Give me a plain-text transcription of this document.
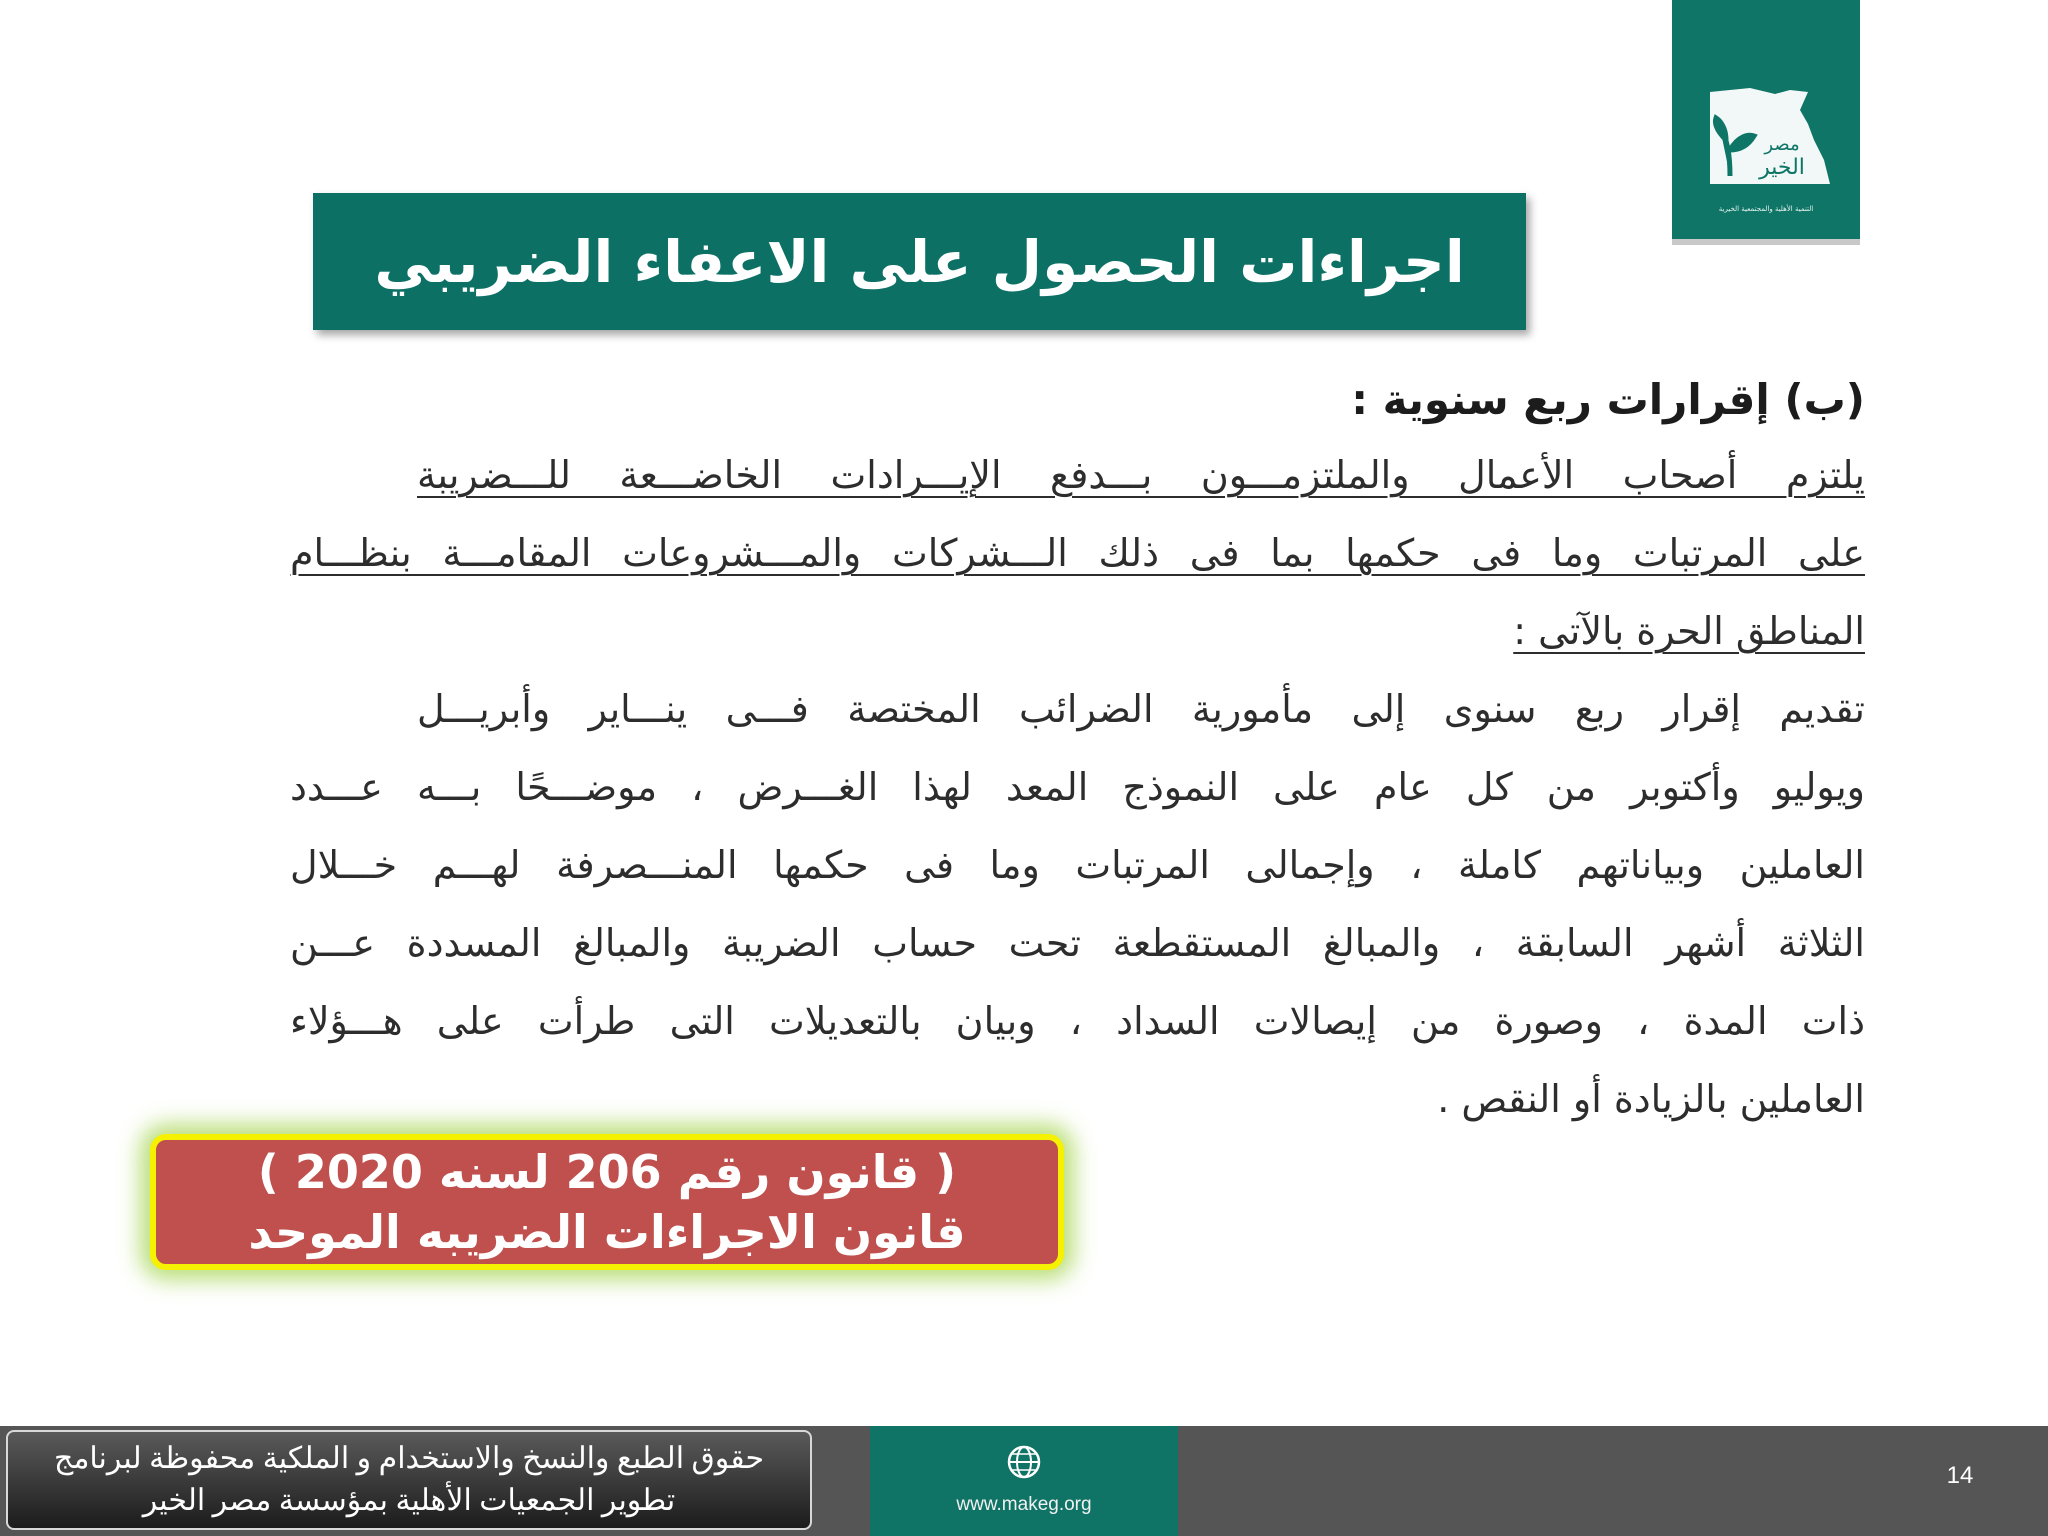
مصر
الخير
التنمية الأهلية والمجتمعية الخيرية
اجراءات الحصول على الاعفاء الضريبي
(ب) إقرارات ربع سنوية :
يلتزم أصحاب الأعمال والملتزمـــون بـــدفع الإيـــرادات الخاضـــعة للـــضريبة
على المرتبات وما فى حكمها بما فى ذلك الـــشركات والمـــشروعات المقامـــة بنظـــام
المناطق الحرة بالآتى :
تقديم إقرار ربع سنوى إلى مأمورية الضرائب المختصة فـــى ينـــاير وأبريـــل
ويوليو وأكتوبر من كل عام على النموذج المعد لهذا الغـــرض ، موضـــحًا بـــه عـــدد
العاملين وبياناتهم كاملة ، وإجمالى المرتبات وما فى حكمها المنـــصرفة لهـــم خـــلال
الثلاثة أشهر السابقة ، والمبالغ المستقطعة تحت حساب الضريبة والمبالغ المسددة عـــن
ذات المدة ، وصورة من إيصالات السداد ، وبيان بالتعديلات التى طرأت على هـــؤلاء
العاملين بالزيادة أو النقص .
( قانون رقم 206 لسنه 2020 )
قانون الاجراءات الضريبه الموحد
حقوق الطبع والنسخ والاستخدام و الملكية محفوظة لبرنامج
تطوير الجمعيات الأهلية بمؤسسة مصر الخير	www.makeg.org
14
